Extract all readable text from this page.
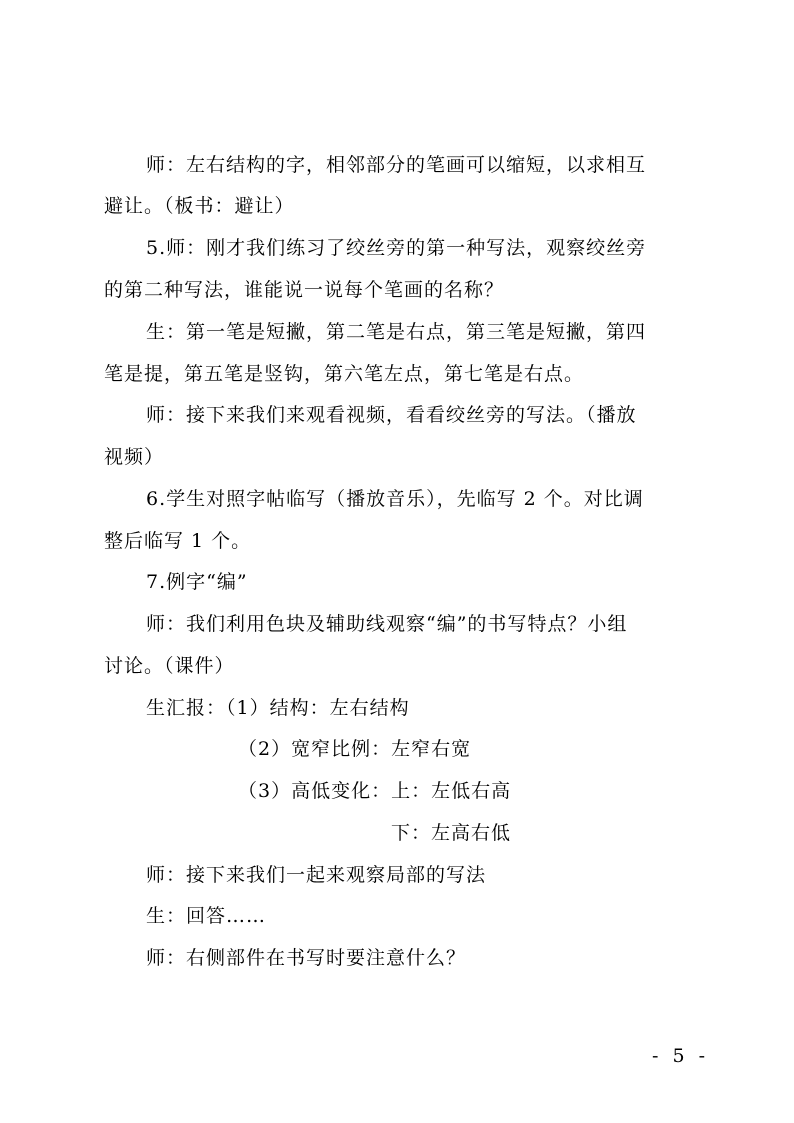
师：左右结构的字，相邻部分的笔画可以缩短，以求相互
避让。（板书：避让）
5.师：刚才我们练习了绞丝旁的第一种写法，观察绞丝旁
的第二种写法，谁能说一说每个笔画的名称？
生：第一笔是短撇，第二笔是右点，第三笔是短撇，第四
笔是提，第五笔是竖钩，第六笔左点，第七笔是右点。
师：接下来我们来观看视频，看看绞丝旁的写法。（播放
视频）
6.学生对照字帖临写（播放音乐），先临写 2 个。对比调
整后临写 1 个。
7.例字“编”
师：我们利用色块及辅助线观察“编”的书写特点？小组
讨论。（课件）
生汇报：（1）结构：左右结构
（2）宽窄比例：左窄右宽
（3）高低变化：上：左低右高
下：左高右低
师：接下来我们一起来观察局部的写法
生：回答……
师：右侧部件在书写时要注意什么？
- 5 -
